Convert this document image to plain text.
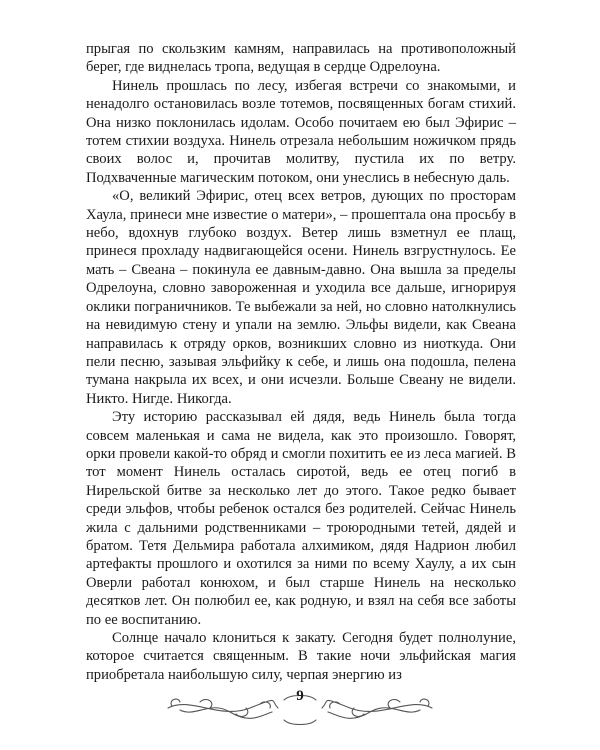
прыгая по скользким камням, направилась на противоположный берег, где виднелась тропа, ведущая в сердце Одрелоуна.

Нинель прошлась по лесу, избегая встречи со знакомыми, и ненадолго остановилась возле тотемов, посвященных богам стихий. Она низко поклонилась идолам. Особо почитаем ею был Эфирис – тотем стихии воздуха. Нинель отрезала небольшим ножичком прядь своих волос и, прочитав молитву, пустила их по ветру. Подхваченные магическим потоком, они унеслись в небесную даль.

«О, великий Эфирис, отец всех ветров, дующих по просторам Хаула, принеси мне известие о матери», – прошептала она просьбу в небо, вдохнув глубоко воздух. Ветер лишь взметнул ее плащ, принеся прохладу надвигающейся осени. Нинель взгрустнулось. Ее мать – Свеана – покинула ее давным-давно. Она вышла за пределы Одрелоуна, словно завороженная и уходила все дальше, игнорируя оклики пограничников. Те выбежали за ней, но словно натолкнулись на невидимую стену и упали на землю. Эльфы видели, как Свеана направилась к отряду орков, возникших словно из ниоткуда. Они пели песню, зазывая эльфийку к себе, и лишь она подошла, пелена тумана накрыла их всех, и они исчезли. Больше Свеану не видели. Никто. Нигде. Никогда.

Эту историю рассказывал ей дядя, ведь Нинель была тогда совсем маленькая и сама не видела, как это произошло. Говорят, орки провели какой-то обряд и смогли похитить ее из леса магией. В тот момент Нинель осталась сиротой, ведь ее отец погиб в Нирельской битве за несколько лет до этого. Такое редко бывает среди эльфов, чтобы ребенок остался без родителей. Сейчас Нинель жила с дальними родственниками – троюродными тетей, дядей и братом. Тетя Дельмира работала алхимиком, дядя Надрион любил артефакты прошлого и охотился за ними по всему Хаулу, а их сын Оверли работал конюхом, и был старше Нинель на несколько десятков лет. Он полюбил ее, как родную, и взял на себя все заботы по ее воспитанию.

Солнце начало клониться к закату. Сегодня будет полнолуние, которое считается священным. В такие ночи эльфийская магия приобретала наибольшую силу, черпая энергию из

9
